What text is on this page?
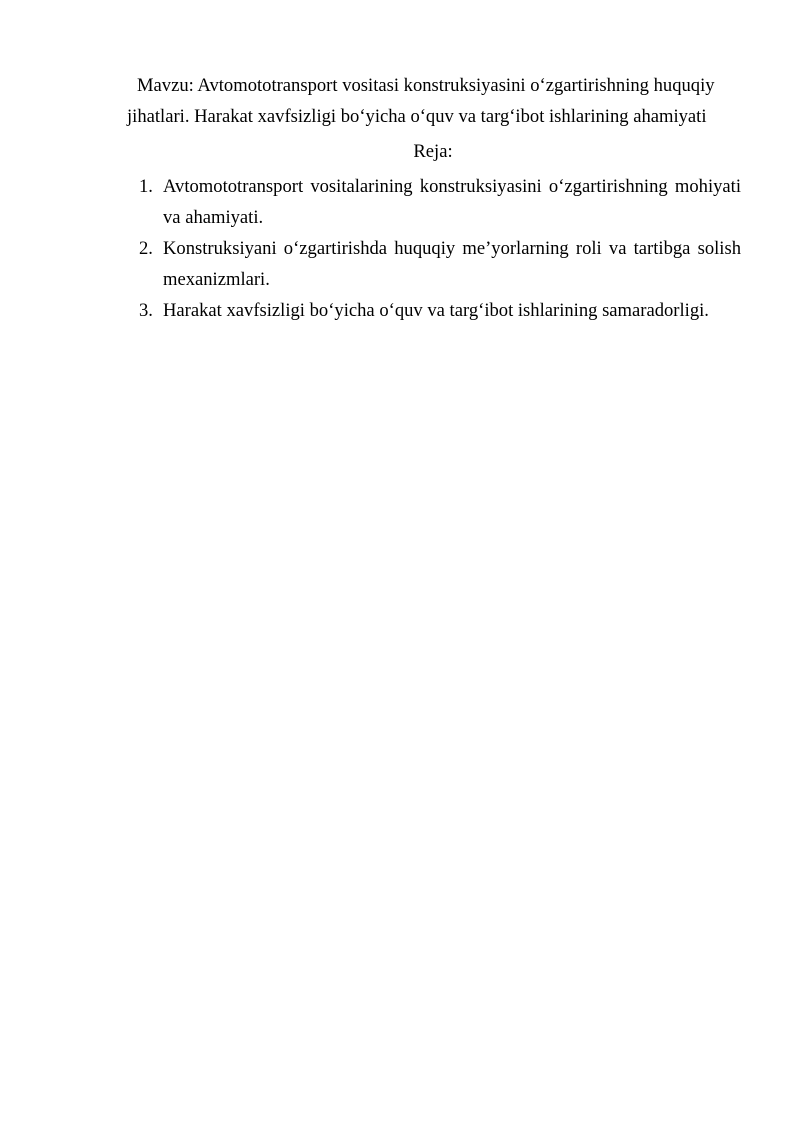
Mavzu: Avtomototransport vositasi konstruksiyasini o‘zgartirishning huquqiy
jihatlari. Harakat xavfsizligi bo‘yicha o‘quv va targ‘ibot ishlarining ahamiyati
Reja:
1. Avtomototransport vositalarining konstruksiyasini o‘zgartirishning mohiyati va ahamiyati.
2. Konstruksiyani o‘zgartirishda huquqiy me’yorlarning roli va tartibga solish mexanizmlari.
3. Harakat xavfsizligi bo‘yicha o‘quv va targ‘ibot ishlarining samaradorligi.
